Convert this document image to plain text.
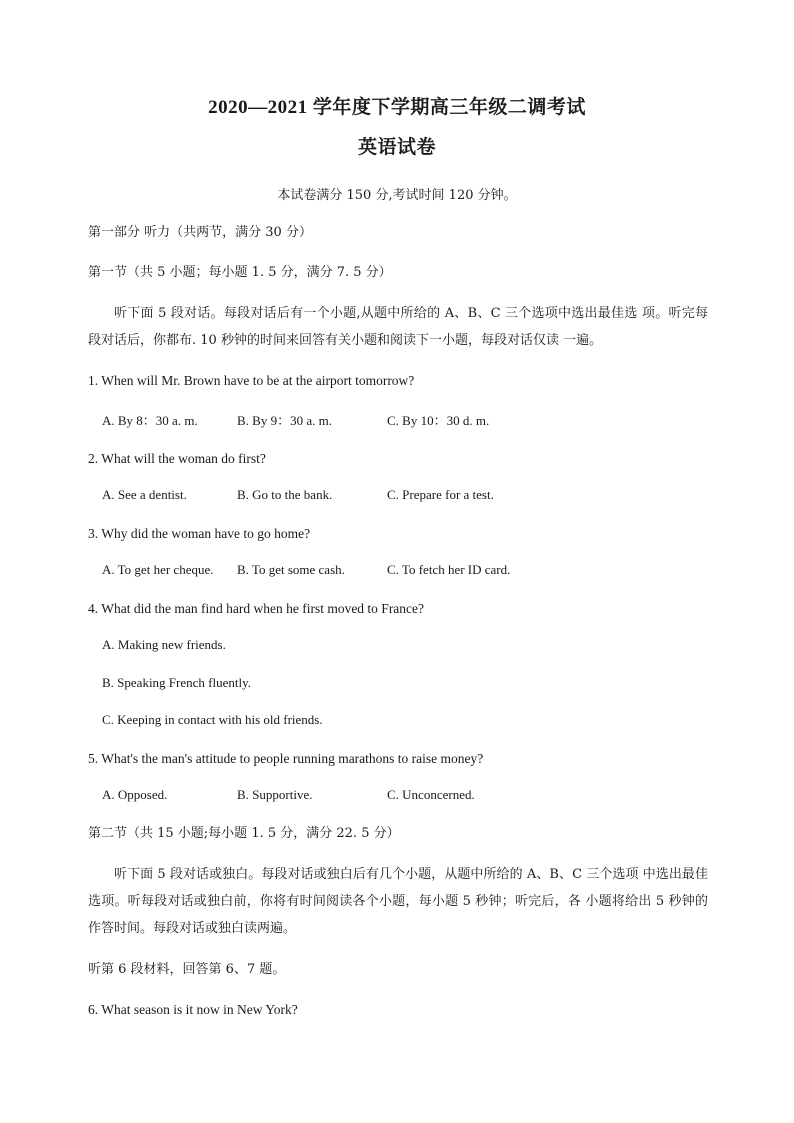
2020—2021 学年度下学期高三年级二调考试
英语试卷
本试卷满分 150 分,考试时间 120 分钟。
第一部分 听力（共两节，满分 30 分）
第一节（共 5 小题；每小题 1. 5 分，满分 7. 5 分）
听下面 5 段对话。每段对话后有一个小题,从题中所给的 A、B、C 三个选项中选出最佳选 项。听完每段对话后，你都布. 10 秒钟的时间来回答有关小题和阅读下一小题，每段对话仅读 一遍。
1. When will Mr. Brown have to be at the airport tomorrow?
A. By 8：30 a. m.	B. By 9：30 a. m.	C. By 10：30 d. m.
2. What will the woman do first?
A. See a dentist.	B. Go to the bank.	C. Prepare for a test.
3. Why did the woman have to go home?
A. To get her cheque. B. To get some cash.	C. To fetch her ID card.
4. What did the man find hard when he first moved to France?
A. Making new friends.
B. Speaking French fluently.
C. Keeping in contact with his old friends.
5. What's the man's attitude to people running marathons to raise money?
A. Opposed.	B. Supportive.	C. Unconcerned.
第二节（共 15 小题;每小题 1. 5 分，满分 22. 5 分）
听下面 5 段对话或独白。每段对话或独白后有几个小题，从题中所给的 A、B、C 三个选项 中选出最佳选项。听每段对话或独白前，你将有时间阅读各个小题，每小题 5 秒钟；听完后，各 小题将给出 5 秒钟的作答时间。每段对话或独白读两遍。
听第 6 段材料，回答第 6、7 题。
6. What season is it now in New York?
